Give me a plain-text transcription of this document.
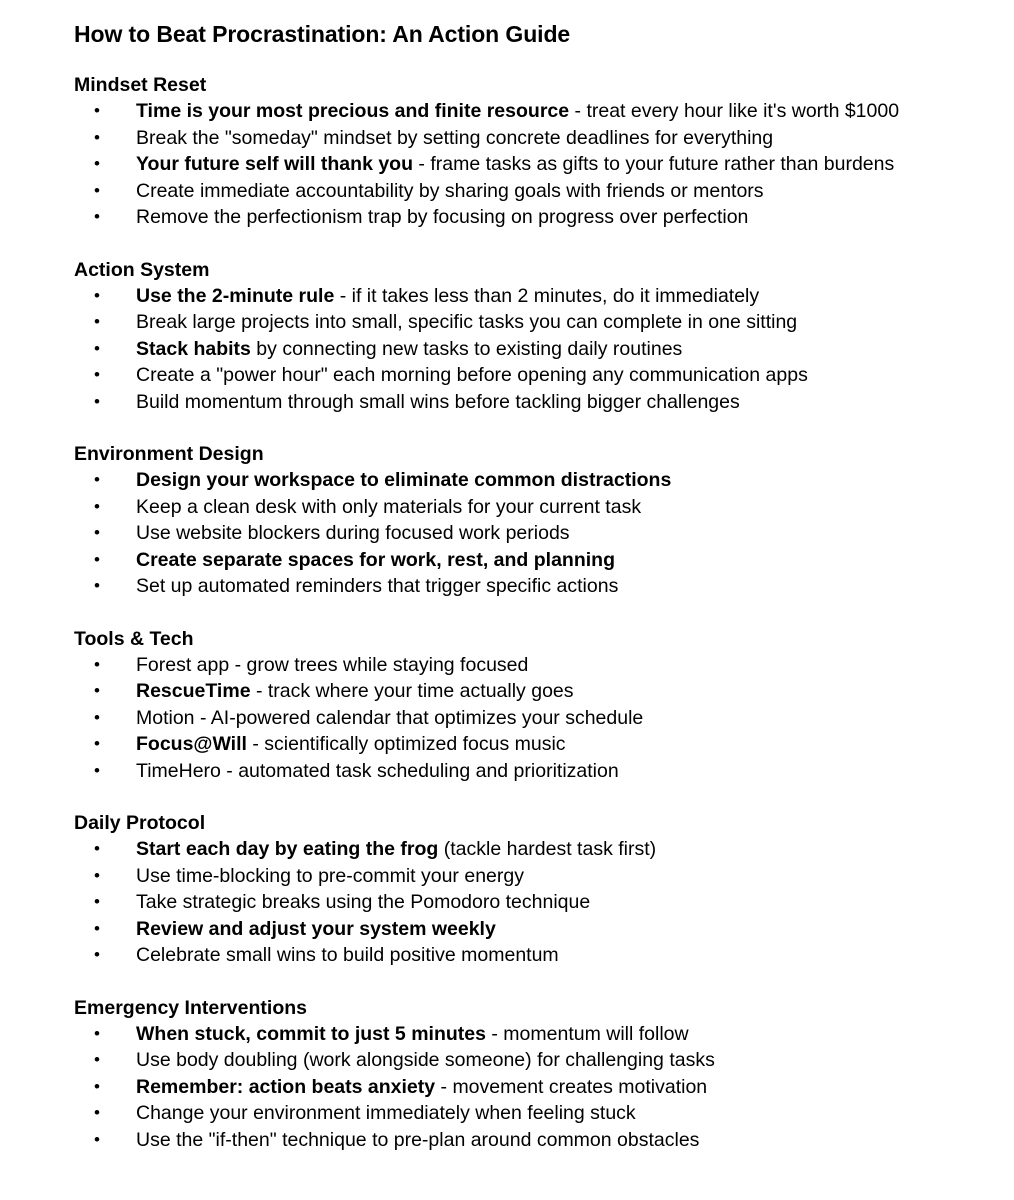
How to Beat Procrastination: An Action Guide
Mindset Reset
• Time is your most precious and finite resource - treat every hour like it's worth $1000
• Break the "someday" mindset by setting concrete deadlines for everything
• Your future self will thank you - frame tasks as gifts to your future rather than burdens
• Create immediate accountability by sharing goals with friends or mentors
• Remove the perfectionism trap by focusing on progress over perfection
Action System
• Use the 2-minute rule - if it takes less than 2 minutes, do it immediately
• Break large projects into small, specific tasks you can complete in one sitting
• Stack habits by connecting new tasks to existing daily routines
• Create a "power hour" each morning before opening any communication apps
• Build momentum through small wins before tackling bigger challenges
Environment Design
• Design your workspace to eliminate common distractions
• Keep a clean desk with only materials for your current task
• Use website blockers during focused work periods
• Create separate spaces for work, rest, and planning
• Set up automated reminders that trigger specific actions
Tools & Tech
• Forest app - grow trees while staying focused
• RescueTime - track where your time actually goes
• Motion - AI-powered calendar that optimizes your schedule
• Focus@Will - scientifically optimized focus music
• TimeHero - automated task scheduling and prioritization
Daily Protocol
• Start each day by eating the frog (tackle hardest task first)
• Use time-blocking to pre-commit your energy
• Take strategic breaks using the Pomodoro technique
• Review and adjust your system weekly
• Celebrate small wins to build positive momentum
Emergency Interventions
• When stuck, commit to just 5 minutes - momentum will follow
• Use body doubling (work alongside someone) for challenging tasks
• Remember: action beats anxiety - movement creates motivation
• Change your environment immediately when feeling stuck
• Use the "if-then" technique to pre-plan around common obstacles
